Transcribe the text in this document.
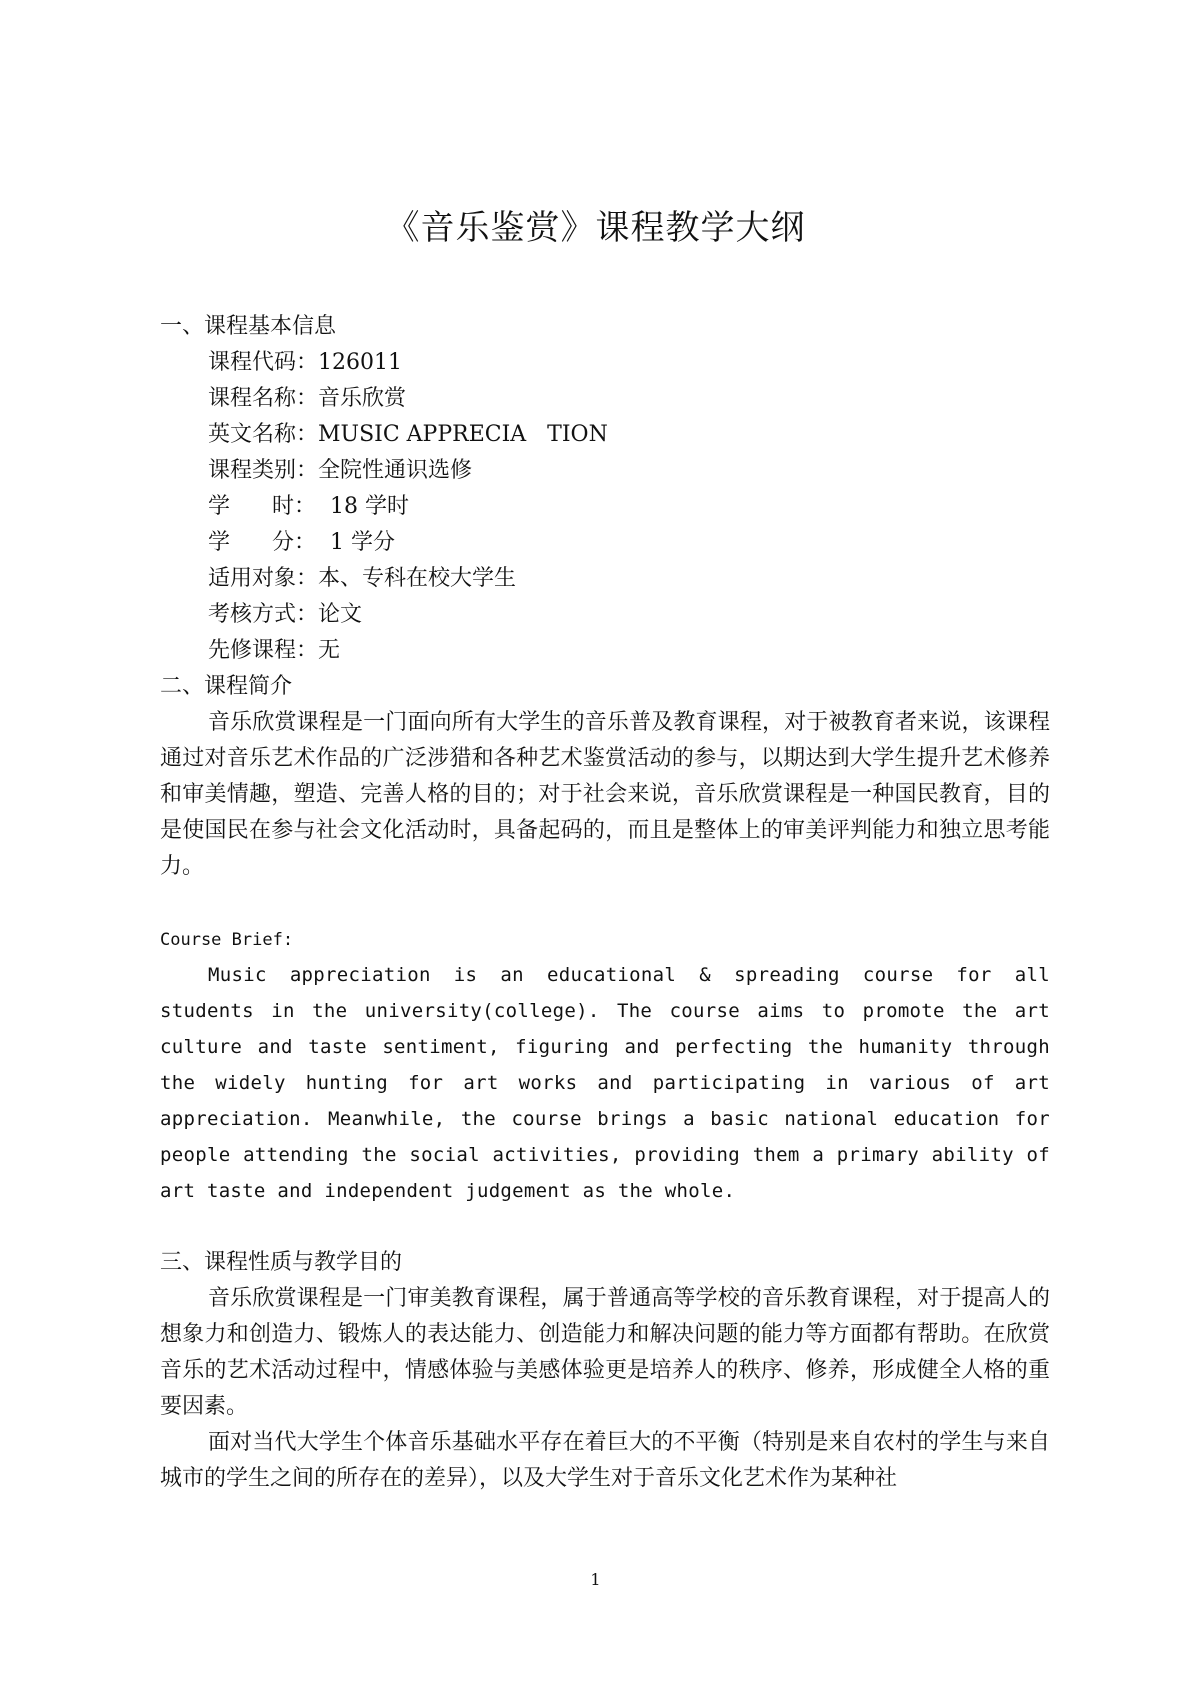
《音乐鉴赏》课程教学大纲

一、课程基本信息

课程代码：126011
课程名称：音乐欣赏
英文名称：MUSIC APPRECIA   TION
课程类别：全院性通识选修
学      时：  18 学时
学      分：  1 学分
适用对象：本、专科在校大学生
考核方式：论文
先修课程：无

二、课程简介

音乐欣赏课程是一门面向所有大学生的音乐普及教育课程，对于被教育者来说，该课程通过对音乐艺术作品的广泛涉猎和各种艺术鉴赏活动的参与，以期达到大学生提升艺术修养和审美情趣，塑造、完善人格的目的；对于社会来说，音乐欣赏课程是一种国民教育，目的是使国民在参与社会文化活动时，具备起码的，而且是整体上的审美评判能力和独立思考能力。

Course Brief:

Music appreciation is an educational & spreading course for all students in the university(college). The course aims to promote the art culture and taste sentiment, figuring and perfecting the humanity through the widely hunting for art works and participating in various of art appreciation. Meanwhile, the course brings a basic national education for people attending the social activities, providing them a primary ability of art taste and independent judgement as the whole.

三、课程性质与教学目的

音乐欣赏课程是一门审美教育课程，属于普通高等学校的音乐教育课程，对于提高人的想象力和创造力、锻炼人的表达能力、创造能力和解决问题的能力等方面都有帮助。在欣赏音乐的艺术活动过程中，情感体验与美感体验更是培养人的秩序、修养，形成健全人格的重要因素。

面对当代大学生个体音乐基础水平存在着巨大的不平衡（特别是来自农村的学生与来自城市的学生之间的所存在的差异），以及大学生对于音乐文化艺术作为某种社

1
